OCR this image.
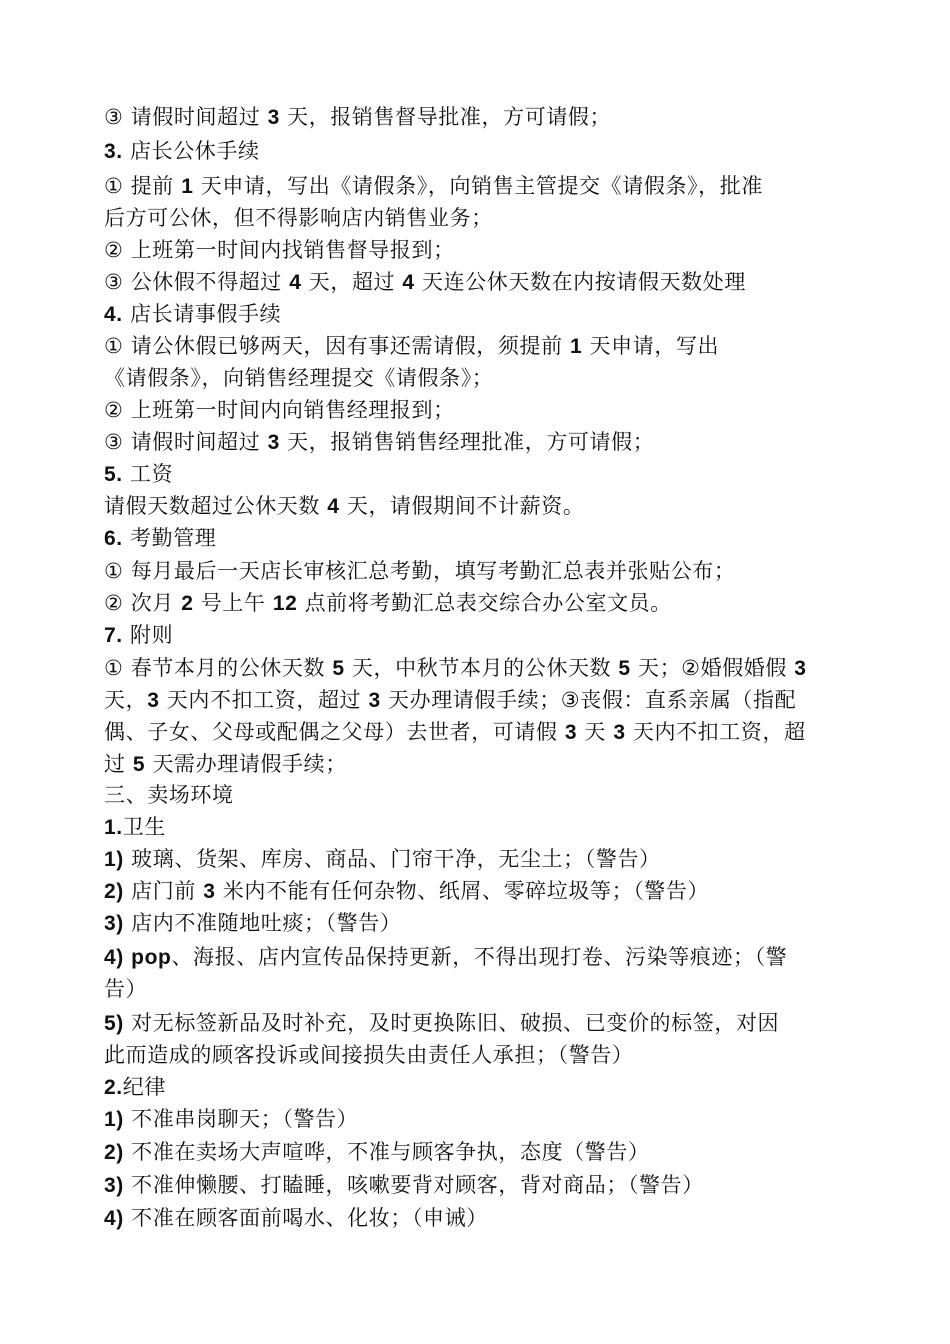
③ 请假时间超过 3 天，报销售督导批准，方可请假；
3. 店长公休手续
① 提前 1 天申请，写出《请假条》，向销售主管提交《请假条》，批准
后方可公休，但不得影响店内销售业务；
② 上班第一时间内找销售督导报到；
③ 公休假不得超过 4 天，超过 4 天连公休天数在内按请假天数处理
4. 店长请事假手续
① 请公休假已够两天，因有事还需请假，须提前 1 天申请，写出
《请假条》，向销售经理提交《请假条》；
② 上班第一时间内向销售经理报到；
③ 请假时间超过 3 天，报销售销售经理批准，方可请假；
5. 工资
请假天数超过公休天数 4 天，请假期间不计薪资。
6. 考勤管理
① 每月最后一天店长审核汇总考勤，填写考勤汇总表并张贴公布；
② 次月 2 号上午 12 点前将考勤汇总表交综合办公室文员。
7. 附则
① 春节本月的公休天数 5 天，中秋节本月的公休天数 5 天；②婚假婚假 3
天，3 天内不扣工资，超过 3 天办理请假手续；③丧假：直系亲属（指配
偶、子女、父母或配偶之父母）去世者，可请假 3 天 3 天内不扣工资，超
过 5 天需办理请假手续；
三、卖场环境
1.卫生
1) 玻璃、货架、库房、商品、门帘干净，无尘土；（警告）
2) 店门前 3 米内不能有任何杂物、纸屑、零碎垃圾等；（警告）
3) 店内不准随地吐痰；（警告）
4) pop、海报、店内宣传品保持更新，不得出现打卷、污染等痕迹；（警
告）
5) 对无标签新品及时补充，及时更换陈旧、破损、已变价的标签，对因
此而造成的顾客投诉或间接损失由责任人承担；（警告）
2.纪律
1) 不准串岗聊天；（警告）
2) 不准在卖场大声喧哗，不准与顾客争执，态度（警告）
3) 不准伸懒腰、打瞌睡，咳嗽要背对顾客，背对商品；（警告）
4) 不准在顾客面前喝水、化妆；（申诫）
